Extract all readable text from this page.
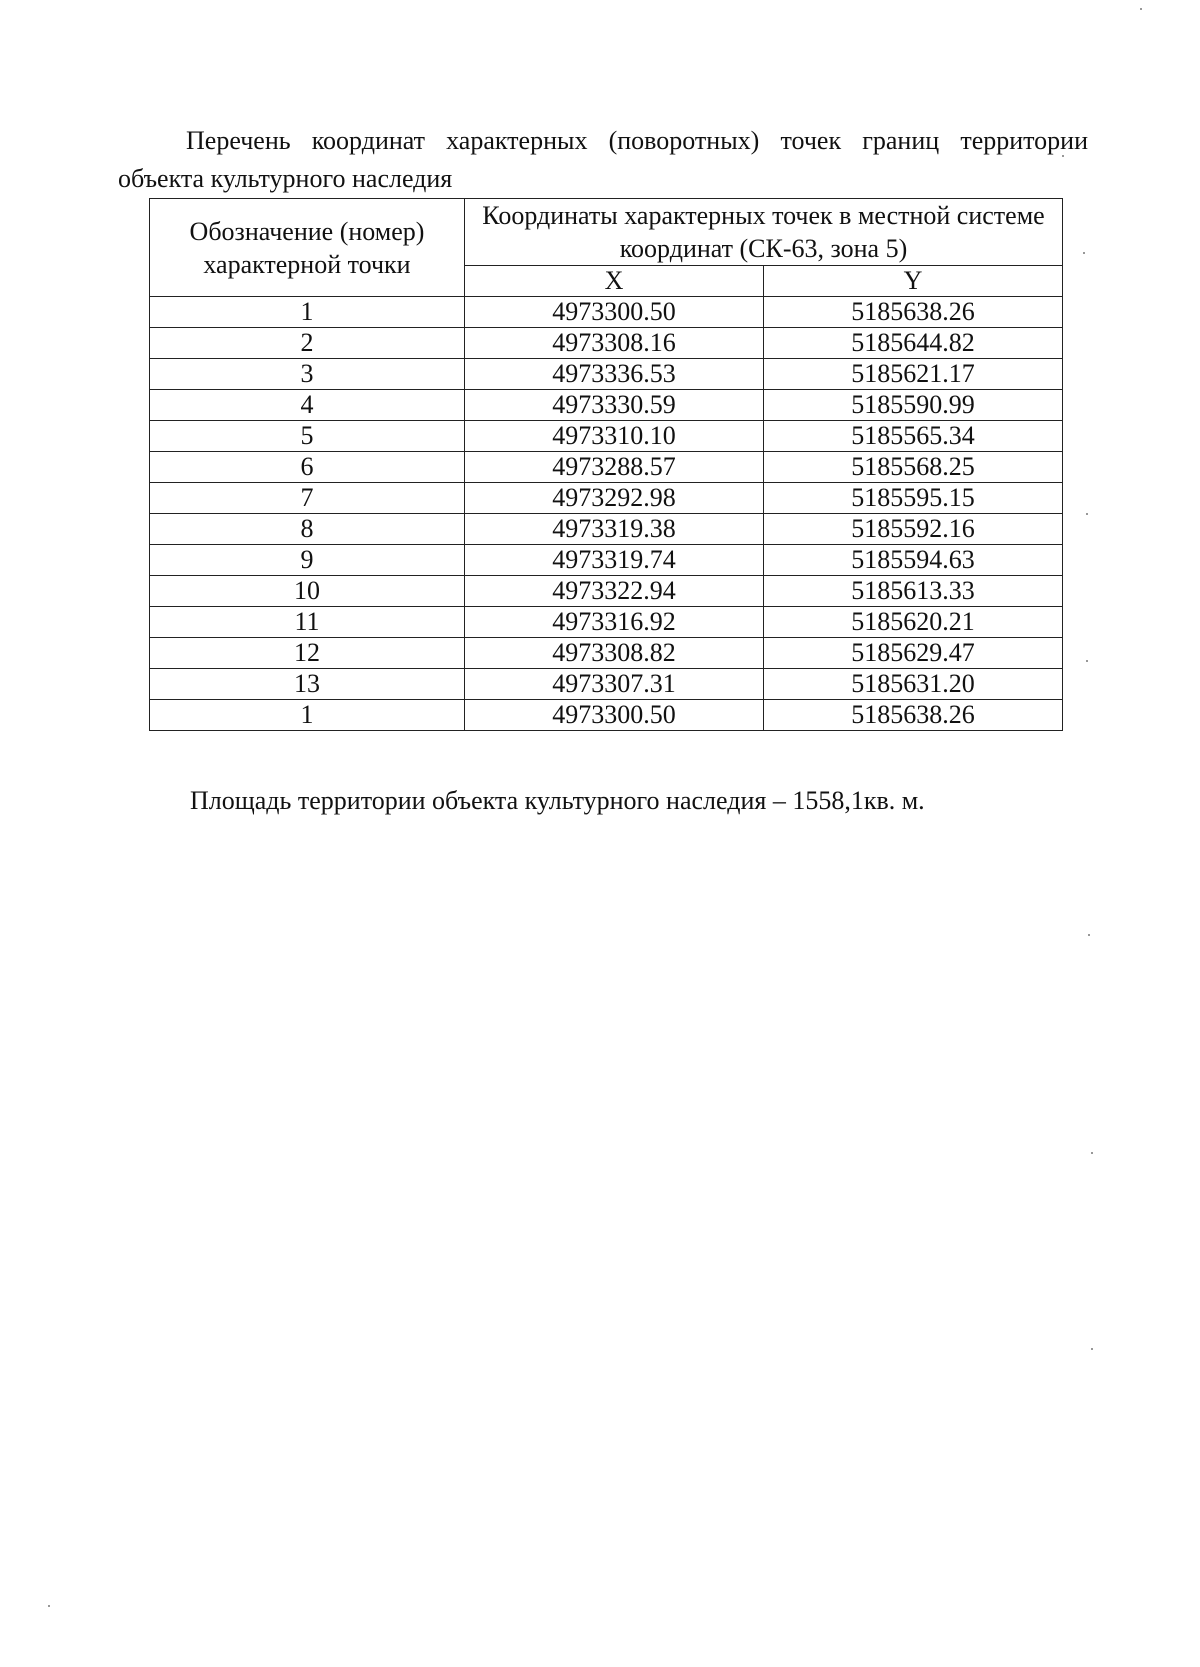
Перечень координат характерных (поворотных) точек границ территории
объекта культурного наследия
Обозначение (номер) характерной точки	Координаты характерных точек в местной системе координат (СК-63, зона 5)	
	X	Y
1	4973300.50	5185638.26
2	4973308.16	5185644.82
3	4973336.53	5185621.17
4	4973330.59	5185590.99
5	4973310.10	5185565.34
6	4973288.57	5185568.25
7	4973292.98	5185595.15
8	4973319.38	5185592.16
9	4973319.74	5185594.63
10	4973322.94	5185613.33
11	4973316.92	5185620.21
12	4973308.82	5185629.47
13	4973307.31	5185631.20
1	4973300.50	5185638.26
Площадь территории объекта культурного наследия – 1558,1кв. м.
